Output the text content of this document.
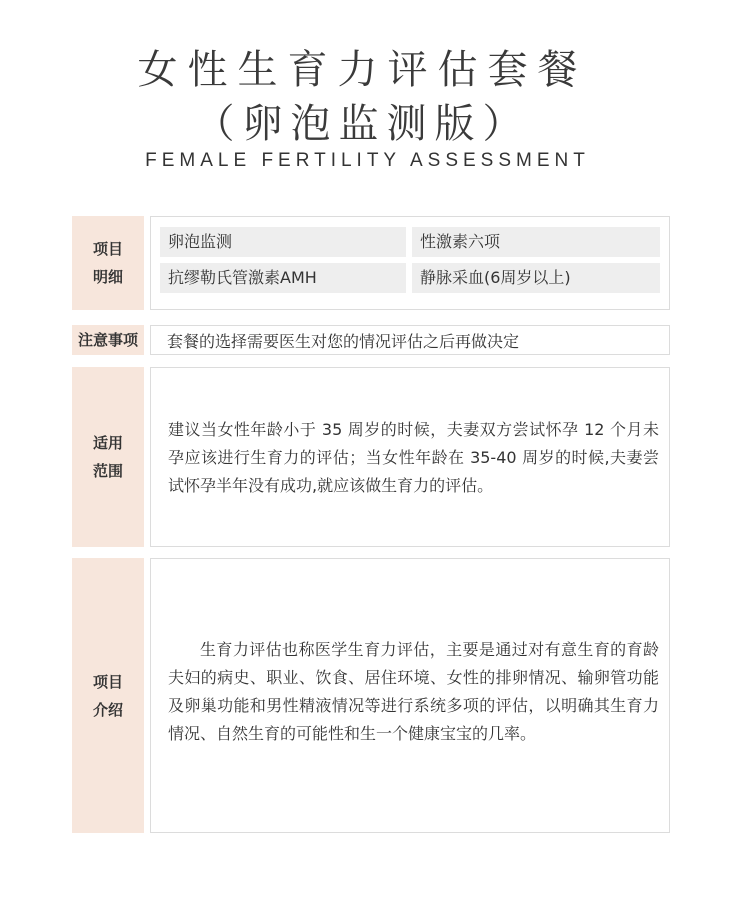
女性生育力评估套餐
（卵泡监测版）
FEMALE FERTILITY ASSESSMENT
项目
明细
卵泡监测	性激素六项
抗缪勒氏管激素AMH	静脉采血(6周岁以上)
注意事项	套餐的选择需要医生对您的情况评估之后再做决定
适用
范围
建议当女性年龄小于 35 周岁的时候，夫妻双方尝试怀孕 12 个月未孕应该进行生育力的评估；当女性年龄在 35-40 周岁的时候,夫妻尝试怀孕半年没有成功,就应该做生育力的评估。
项目
介绍
生育力评估也称医学生育力评估，主要是通过对有意生育的育龄夫妇的病史、职业、饮食、居住环境、女性的排卵情况、输卵管功能及卵巢功能和男性精液情况等进行系统多项的评估，以明确其生育力情况、自然生育的可能性和生一个健康宝宝的几率。
